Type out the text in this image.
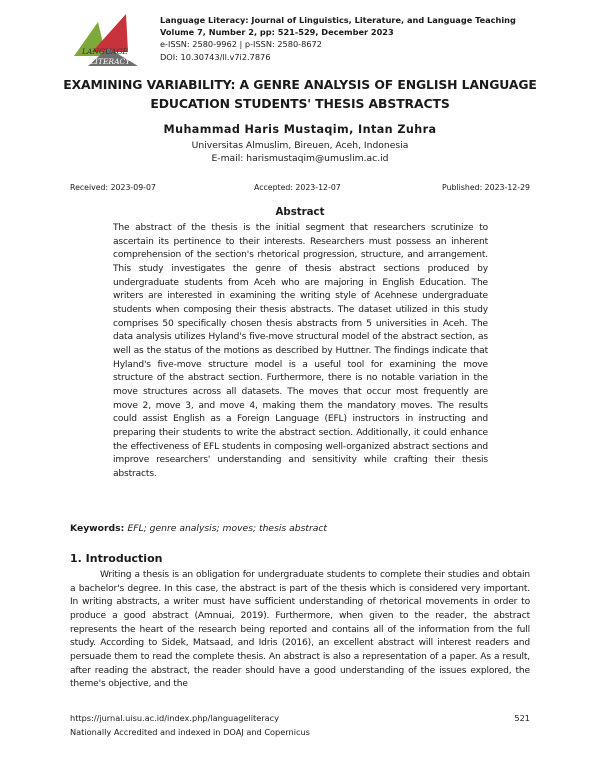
LANGUAGE
LITERACY
Language Literacy: Journal of Linguistics, Literature, and Language Teaching
Volume 7, Number 2, pp: 521-529, December 2023
e-ISSN: 2580-9962 | p-ISSN: 2580-8672
DOI: 10.30743/ll.v7i2.7876
EXAMINING VARIABILITY: A GENRE ANALYSIS OF ENGLISH LANGUAGE EDUCATION STUDENTS' THESIS ABSTRACTS
Muhammad Haris Mustaqim, Intan Zuhra
Universitas Almuslim, Bireuen, Aceh, Indonesia
E-mail: harismustaqim@umuslim.ac.id
Received: 2023-09-07	Accepted: 2023-12-07	Published: 2023-12-29
Abstract
The abstract of the thesis is the initial segment that researchers scrutinize to ascertain its pertinence to their interests. Researchers must possess an inherent comprehension of the section's rhetorical progression, structure, and arrangement. This study investigates the genre of thesis abstract sections produced by undergraduate students from Aceh who are majoring in English Education. The writers are interested in examining the writing style of Acehnese undergraduate students when composing their thesis abstracts. The dataset utilized in this study comprises 50 specifically chosen thesis abstracts from 5 universities in Aceh. The data analysis utilizes Hyland's five-move structural model of the abstract section, as well as the status of the motions as described by Huttner. The findings indicate that Hyland's five-move structure model is a useful tool for examining the move structure of the abstract section. Furthermore, there is no notable variation in the move structures across all datasets. The moves that occur most frequently are move 2, move 3, and move 4, making them the mandatory moves. The results could assist English as a Foreign Language (EFL) instructors in instructing and preparing their students to write the abstract section. Additionally, it could enhance the effectiveness of EFL students in composing well-organized abstract sections and improve researchers' understanding and sensitivity while crafting their thesis abstracts.
Keywords: EFL; genre analysis; moves; thesis abstract
1. Introduction
Writing a thesis is an obligation for undergraduate students to complete their studies and obtain a bachelor's degree. In this case, the abstract is part of the thesis which is considered very important. In writing abstracts, a writer must have sufficient understanding of rhetorical movements in order to produce a good abstract (Amnuai, 2019). Furthermore, when given to the reader, the abstract represents the heart of the research being reported and contains all of the information from the full study. According to Sidek, Matsaad, and Idris (2016), an excellent abstract will interest readers and persuade them to read the complete thesis. An abstract is also a representation of a paper. As a result, after reading the abstract, the reader should have a good understanding of the issues explored, the theme's objective, and the
https://jurnal.uisu.ac.id/index.php/languageliteracy
Nationally Accredited and indexed in DOAJ and Copernicus
521
